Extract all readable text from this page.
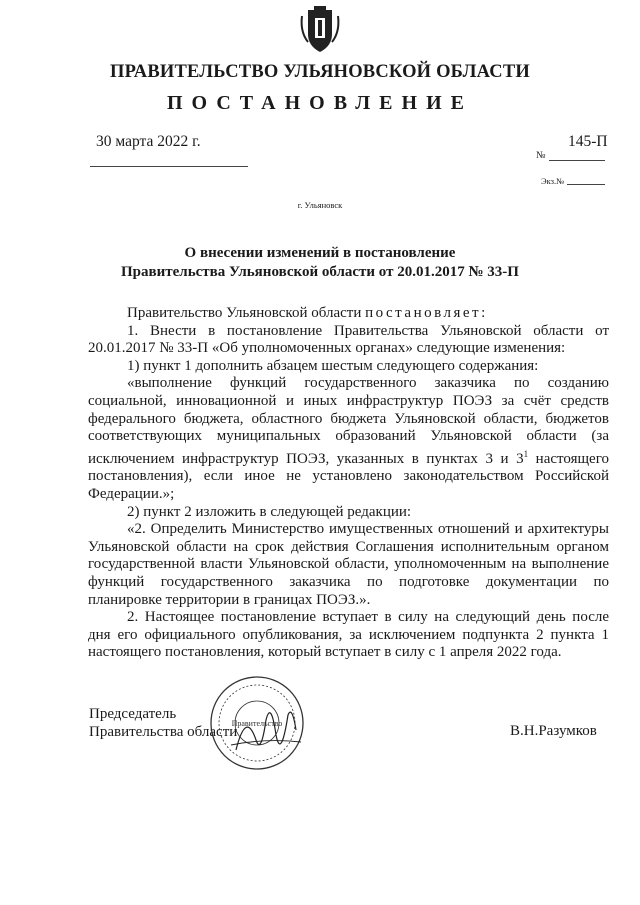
ПРАВИТЕЛЬСТВО УЛЬЯНОВСКОЙ ОБЛАСТИ
ПОСТАНОВЛЕНИЕ
30 марта 2022 г.	145-П
№
Экз.№
г. Ульяновск
О внесении изменений в постановление
Правительства Ульяновской области от 20.01.2017 № 33-П

Правительство Ульяновской области постановляет:

1. Внести в постановление Правительства Ульяновской области от 20.01.2017 № 33-П «Об уполномоченных органах» следующие изменения:

1) пункт 1 дополнить абзацем шестым следующего содержания:

«выполнение функций государственного заказчика по созданию социальной, инновационной и иных инфраструктур ПОЭЗ за счёт средств федерального бюджета, областного бюджета Ульяновской области, бюджетов соответствующих муниципальных образований Ульяновской области (за исключением инфраструктур ПОЭЗ, указанных в пунктах 3 и $3^1$ настоящего постановления), если иное не установлено законодательством Российской Федерации.»;

2) пункт 2 изложить в следующей редакции:

«2. Определить Министерство имущественных отношений и архитектуры Ульяновской области на срок действия Соглашения исполнительным органом государственной власти Ульяновской области, уполномоченным на выполнение функций государственного заказчика по подготовке документации по планировке территории в границах ПОЭЗ.».

2. Настоящее постановление вступает в силу на следующий день после дня его официального опубликования, за исключением подпункта 2 пункта 1 настоящего постановления, который вступает в силу с 1 апреля 2022 года.

Правительство
Председатель
Правительства области	В.Н.Разумков
